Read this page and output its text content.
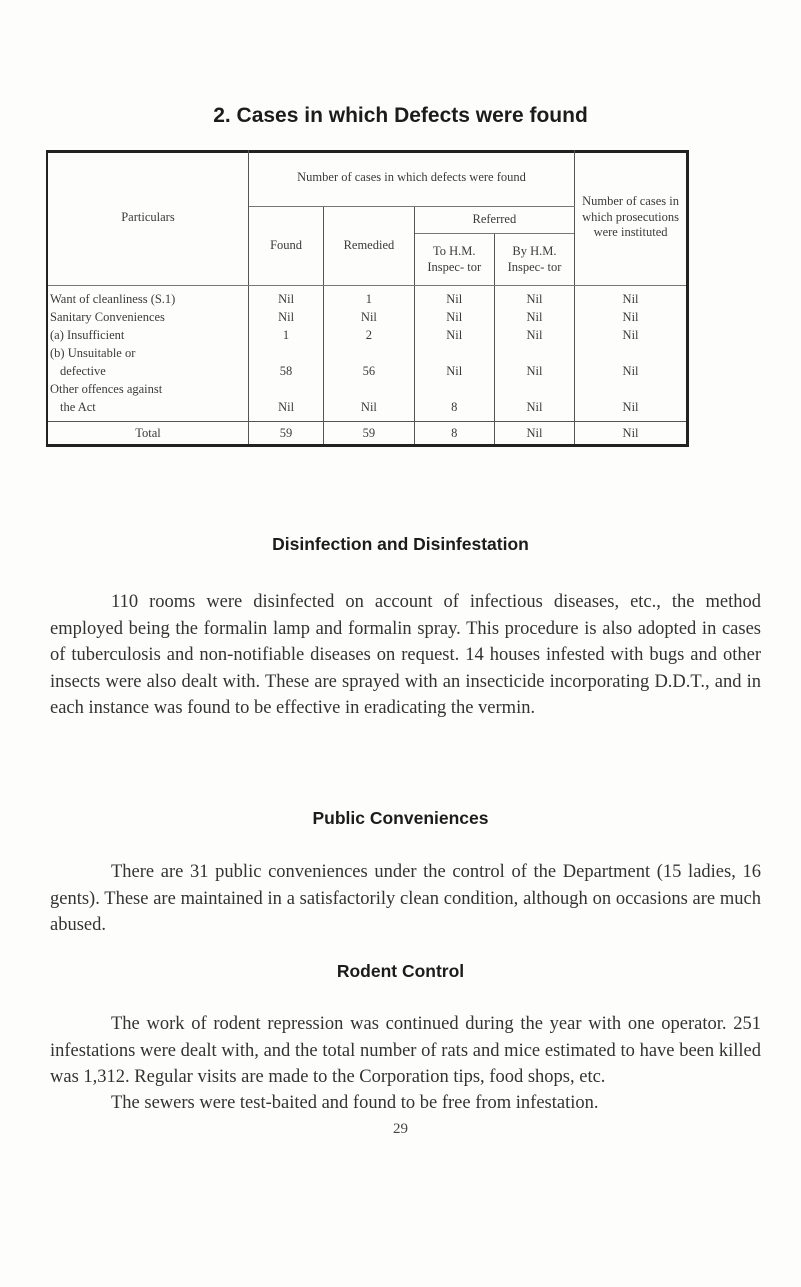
2. Cases in which Defects were found
Particulars	Number of cases in which defects were found				Number of cases in which prosecutions were instituted
	Found	Remedied	Referred		
			To H.M. Inspec- tor	By H.M. Inspec- tor	
Want of cleanliness (S.1)	Nil	1	Nil	Nil	Nil
Sanitary Conveniences	Nil	Nil	Nil	Nil	Nil
(a) Insufficient	1	2	Nil	Nil	Nil
(b) Unsuitable or					
defective	58	56	Nil	Nil	Nil
Other offences against					
the Act	Nil	Nil	8	Nil	Nil
Total	59	59	8	Nil	Nil
Disinfection and Disinfestation

110 rooms were disinfected on account of infectious diseases, etc., the method employed being the formalin lamp and formalin spray. This procedure is also adopted in cases of tuberculosis and non-notifiable diseases on request. 14 houses infested with bugs and other insects were also dealt with. These are sprayed with an insecticide incorporating D.D.T., and in each instance was found to be effective in eradicating the vermin.

Public Conveniences

There are 31 public conveniences under the control of the Department (15 ladies, 16 gents). These are maintained in a satisfactorily clean condition, although on occasions are much abused.

Rodent Control

The work of rodent repression was continued during the year with one operator. 251 infestations were dealt with, and the total number of rats and mice estimated to have been killed was 1,312. Regular visits are made to the Corporation tips, food shops, etc.

The sewers were test-baited and found to be free from infestation.

29
